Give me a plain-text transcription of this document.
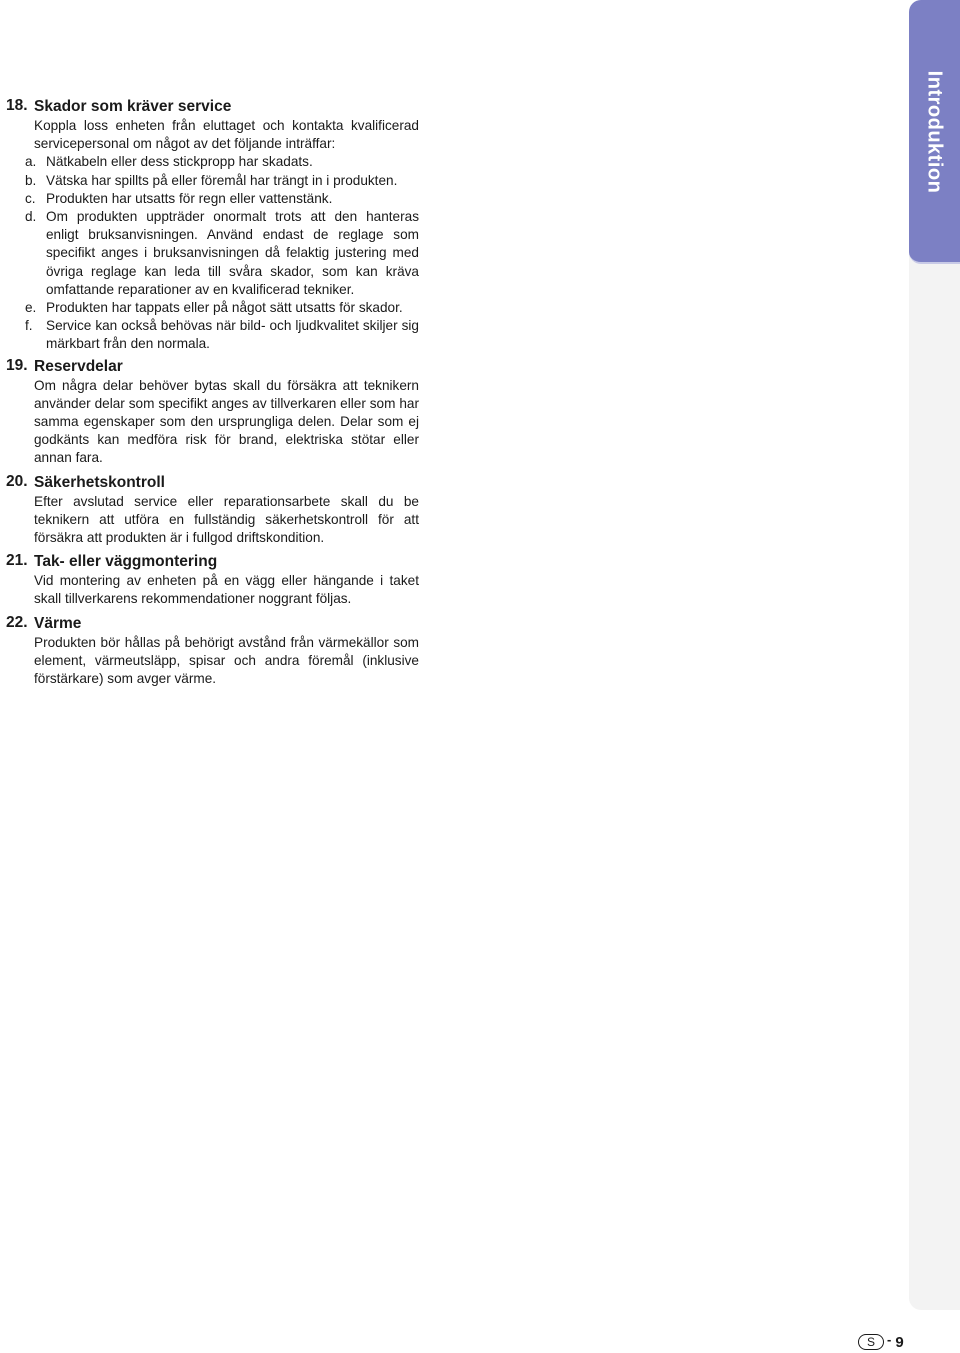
Introduktion
18. Skador som kräver service

Koppla loss enheten från eluttaget och kontakta kvalificerad servicepersonal om något av det följande inträffar:

a. Nätkabeln eller dess stickpropp har skadats.

b. Vätska har spillts på eller föremål har trängt in i produkten.

c. Produkten har utsatts för regn eller vattenstänk.

d. Om produkten uppträder onormalt trots att den hanteras enligt bruksanvisningen. Använd endast de reglage som specifikt anges i bruksanvisningen då felaktig justering med övriga reglage kan leda till svåra skador, som kan kräva omfattande reparationer av en kvalificerad tekniker.

e. Produkten har tappats eller på något sätt utsatts för skador.

f. Service kan också behövas när bild- och ljudkvalitet skiljer sig märkbart från den normala.

19. Reservdelar

Om några delar behöver bytas skall du försäkra att teknikern använder delar som specifikt anges av tillverkaren eller som har samma egenskaper som den ursprungliga delen. Delar som ej godkänts kan medföra risk för brand, elektriska stötar eller annan fara.

20. Säkerhetskontroll

Efter avslutad service eller reparationsarbete skall du be teknikern att utföra en fullständig säkerhetskontroll för att försäkra att produkten är i fullgod driftskondition.

21. Tak- eller väggmontering

Vid montering av enheten på en vägg eller hängande i taket skall tillverkarens rekommendationer noggrant följas.

22. Värme

Produkten bör hållas på behörigt avstånd från värmekällor som element, värmeutsläpp, spisar och andra föremål (inklusive förstärkare) som avger värme.

S - 9
